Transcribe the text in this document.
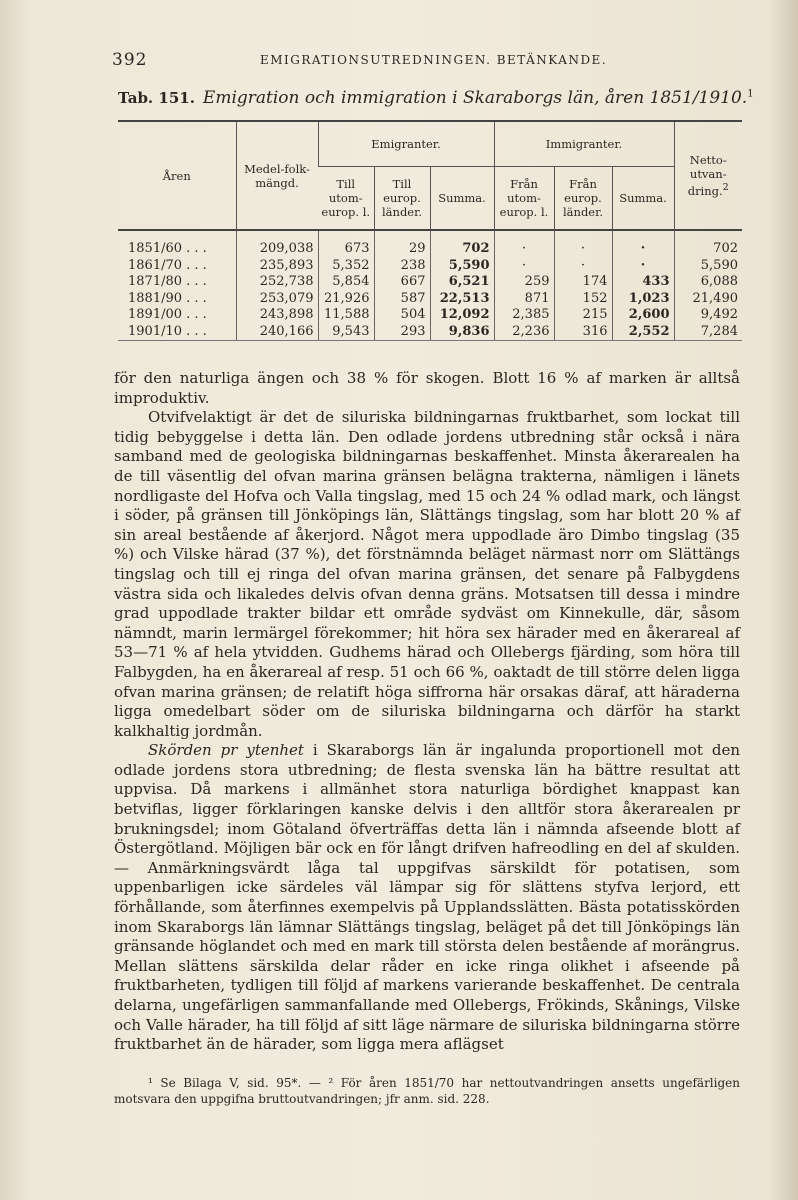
392	EMIGRATIONSUTREDNINGEN. BETÄNKANDE.
Tab. 151. Emigration och immigration i Skaraborgs län, åren 1851/1910.$^1$
Åren	Medel-folk-mängd.	Emigranter.			Immigranter.			Netto-utvan-dring.$^2$
		Till utom-europ. l.	Till europ. länder.	Summa.	Från utom-europ. l.	Från europ. länder.	Summa.	
1851/60 . . .	209,038	673	29	702	·	·	·	702
1861/70 . . .	235,893	5,352	238	5,590	·	·	·	5,590
1871/80 . . .	252,738	5,854	667	6,521	259	174	433	6,088
1881/90 . . .	253,079	21,926	587	22,513	871	152	1,023	21,490
1891/00 . . .	243,898	11,588	504	12,092	2,385	215	2,600	9,492
1901/10 . . .	240,166	9,543	293	9,836	2,236	316	2,552	7,284

för den naturliga ängen och 38 % för skogen. Blott 16 % af marken är alltså improduktiv.

Otvifvelaktigt är det de siluriska bildningarnas fruktbarhet, som lockat till tidig bebyggelse i detta län. Den odlade jordens utbredning står också i nära samband med de geologiska bildningarnas beskaffenhet. Minsta åkerarealen ha de till väsentlig del ofvan marina gränsen belägna trakterna, nämligen i länets nordligaste del Hofva och Valla tingslag, med 15 och 24 % odlad mark, och längst i söder, på gränsen till Jönköpings län, Slättängs tingslag, som har blott 20 % af sin areal bestående af åkerjord. Något mera uppodlade äro Dimbo tingslag (35 %) och Vilske härad (37 %), det förstnämnda beläget närmast norr om Slättängs tingslag och till ej ringa del ofvan marina gränsen, det senare på Falbygdens västra sida och likaledes delvis ofvan denna gräns. Motsatsen till dessa i mindre grad uppodlade trakter bildar ett område sydväst om Kinnekulle, där, såsom nämndt, marin lermärgel förekommer; hit höra sex härader med en åkerareal af 53—71 % af hela ytvidden. Gudhems härad och Ollebergs fjärding, som höra till Falbygden, ha en åkerareal af resp. 51 och 66 %, oaktadt de till större delen ligga ofvan marina gränsen; de relatift höga siffrorna här orsakas däraf, att häraderna ligga omedelbart söder om de siluriska bildningarna och därför ha starkt kalkhaltig jordmån.

Skörden pr ytenhet i Skaraborgs län är ingalunda proportionell mot den odlade jordens stora utbredning; de flesta svenska län ha bättre resultat att uppvisa. Då markens i allmänhet stora naturliga bördighet knappast kan betviflas, ligger förklaringen kanske delvis i den alltför stora åkerarealen pr brukningsdel; inom Götaland öfverträffas detta län i nämnda afseende blott af Östergötland. Möjligen bär ock en för långt drifven hafreodling en del af skulden. — Anmärkningsvärdt låga tal uppgifvas särskildt för potatisen, som uppenbarligen icke särdeles väl lämpar sig för slättens styfva lerjord, ett förhållande, som återfinnes exempelvis på Upplandsslätten. Bästa potatisskörden inom Skaraborgs län lämnar Slättängs tingslag, beläget på det till Jönköpings län gränsande höglandet och med en mark till största delen bestående af morängrus. Mellan slättens särskilda delar råder en icke ringa olikhet i afseende på fruktbarheten, tydligen till följd af markens varierande beskaffenhet. De centrala delarna, ungefärligen sammanfallande med Ollebergs, Frökinds, Skånings, Vilske och Valle härader, ha till följd af sitt läge närmare de siluriska bildningarna större fruktbarhet än de härader, som ligga mera aflägset

¹ Se Bilaga V, sid. 95*. — ² För åren 1851/70 har nettoutvandringen ansetts ungefärligen motsvara den uppgifna bruttoutvandringen; jfr anm. sid. 228.
